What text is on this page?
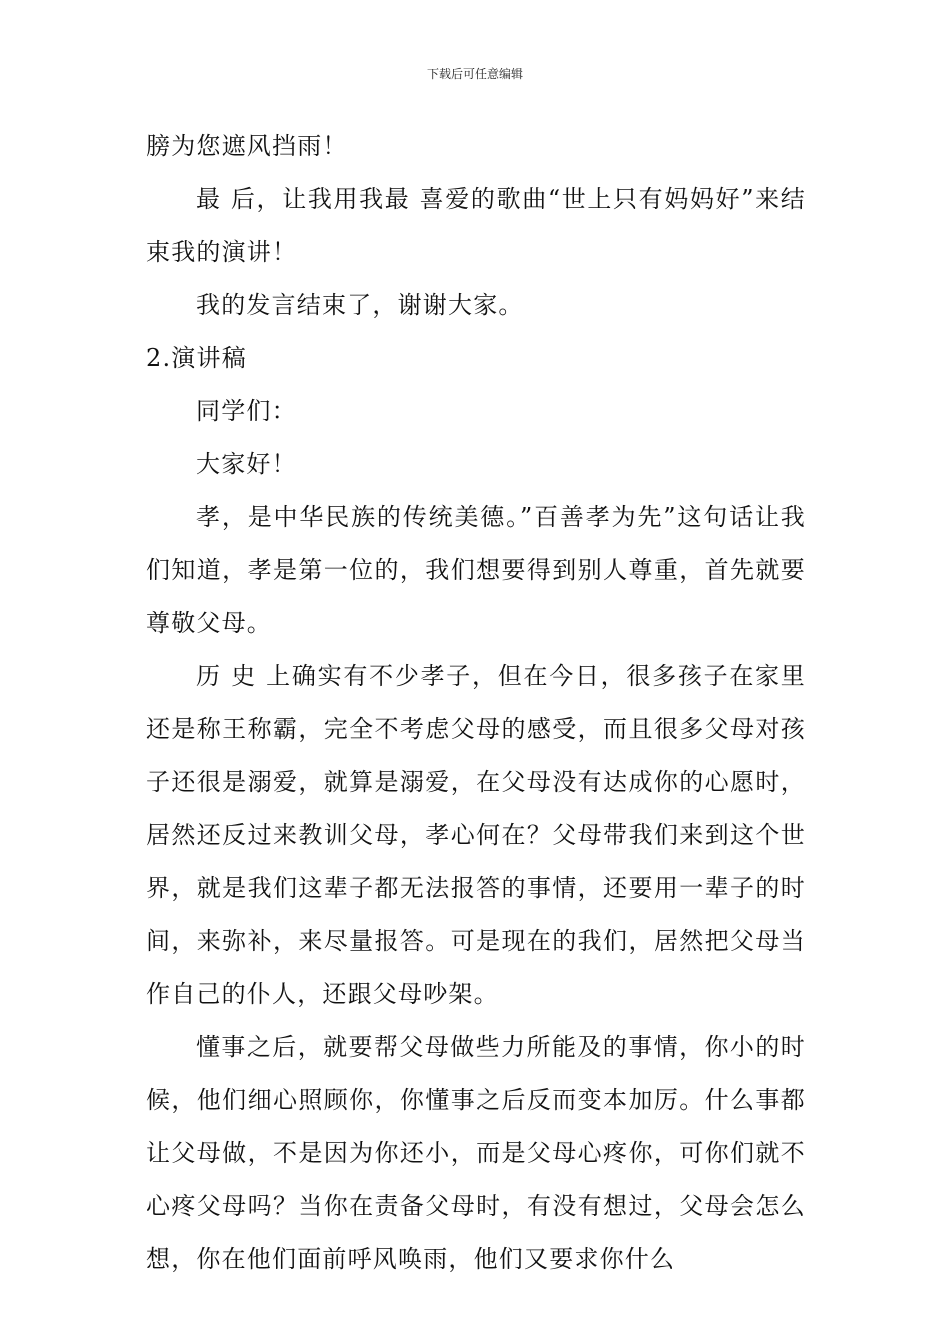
下载后可任意编辑

膀为您遮风挡雨！

最 后，让我用我最 喜爱的歌曲“世上只有妈妈好”来结束我的演讲！

我的发言结束了，谢谢大家。

2.演讲稿

同学们：

大家好！

孝，是中华民族的传统美德。”百善孝为先”这句话让我们知道，孝是第一位的，我们想要得到别人尊重，首先就要尊敬父母。

历 史 上确实有不少孝子，但在今日，很多孩子在家里还是称王称霸，完全不考虑父母的感受，而且很多父母对孩子还很是溺爱，就算是溺爱，在父母没有达成你的心愿时，居然还反过来教训父母，孝心何在？父母带我们来到这个世界，就是我们这辈子都无法报答的事情，还要用一辈子的时间，来弥补，来尽量报答。可是现在的我们，居然把父母当作自己的仆人，还跟父母吵架。

懂事之后，就要帮父母做些力所能及的事情，你小的时候，他们细心照顾你，你懂事之后反而变本加厉。什么事都让父母做，不是因为你还小，而是父母心疼你，可你们就不心疼父母吗？当你在责备父母时，有没有想过，父母会怎么想，你在他们面前呼风唤雨，他们又要求你什么
